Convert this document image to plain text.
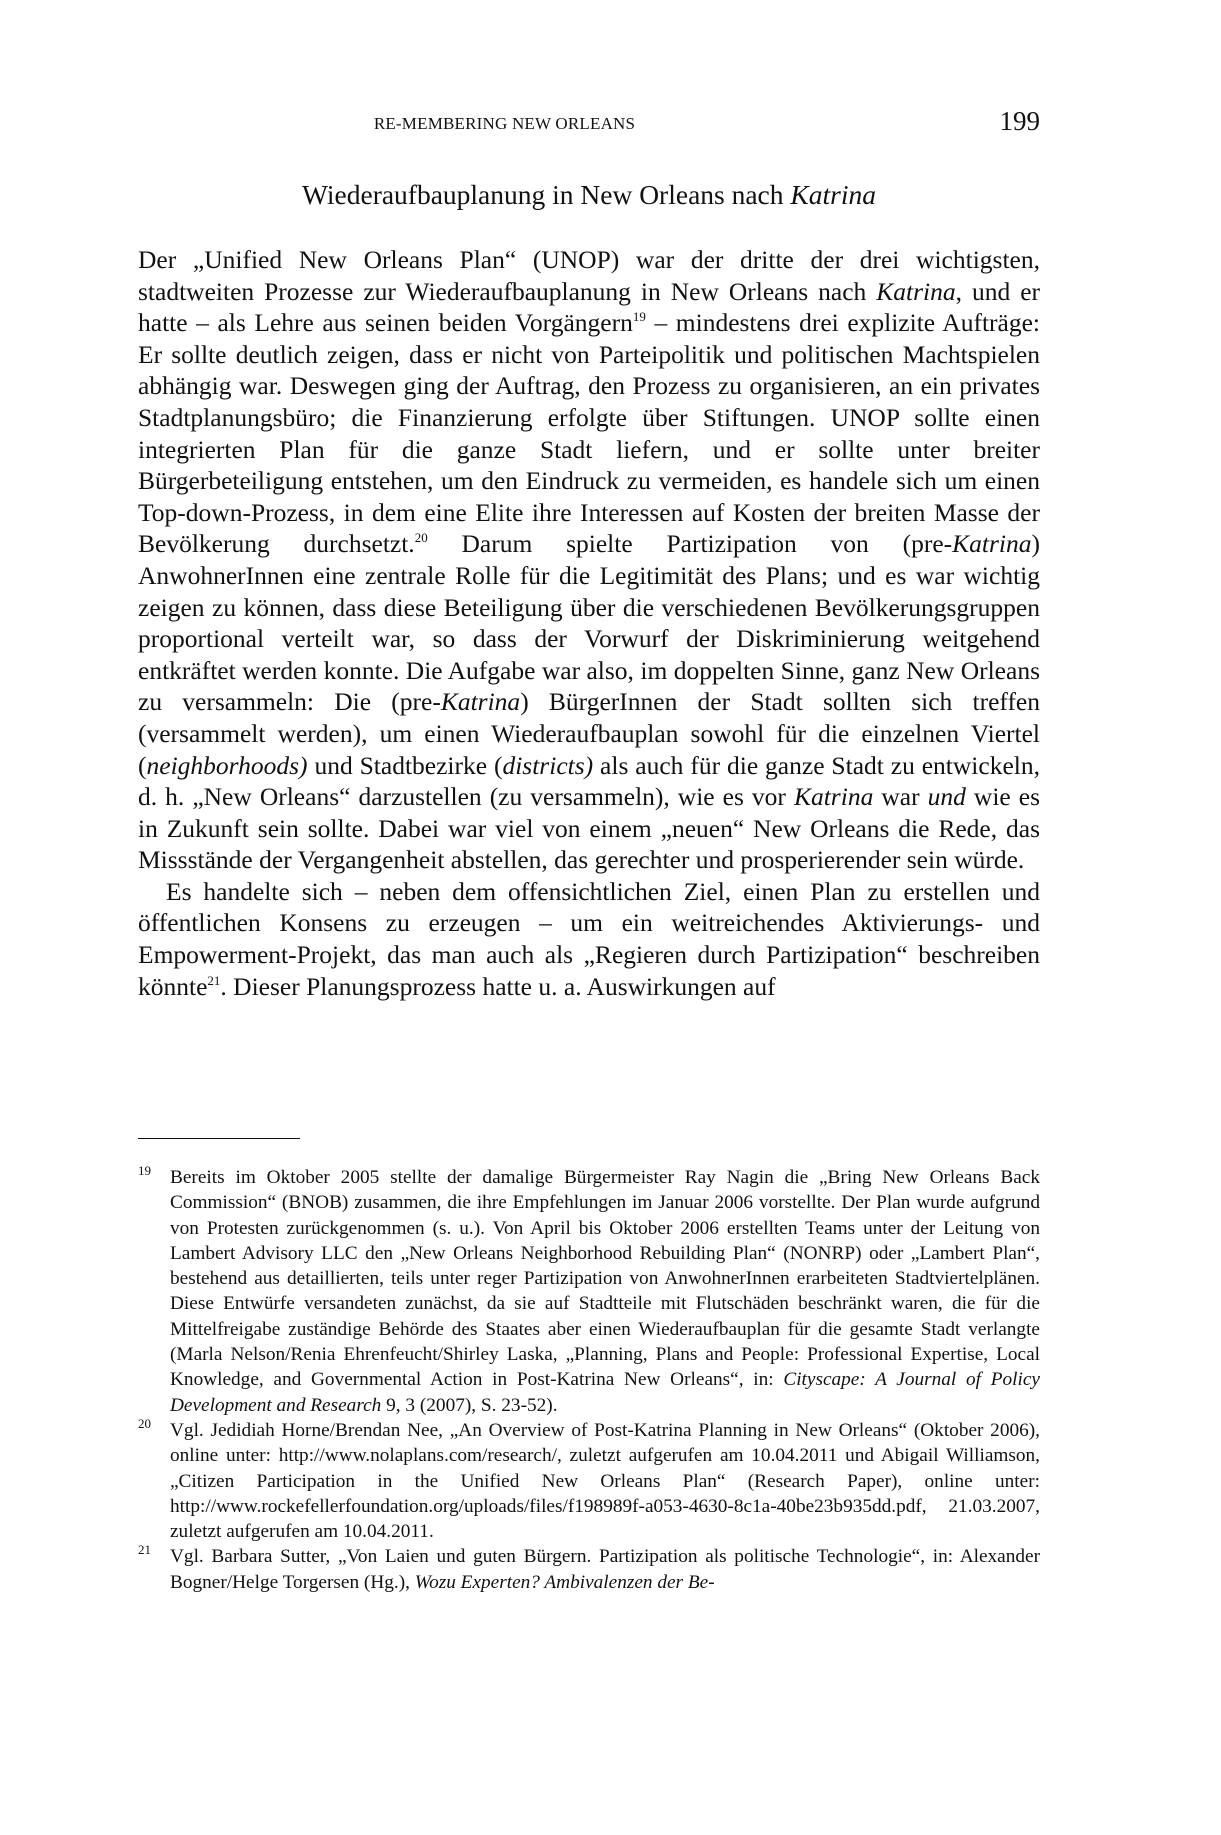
RE-MEMBERING NEW ORLEANS	199
Wiederaufbauplanung in New Orleans nach Katrina

Der „Unified New Orleans Plan“ (UNOP) war der dritte der drei wichtigsten, stadtweiten Prozesse zur Wiederaufbauplanung in New Orleans nach Katrina, und er hatte – als Lehre aus seinen beiden Vorgängern$^{19}$ – mindestens drei explizite Aufträge: Er sollte deutlich zeigen, dass er nicht von Parteipolitik und politischen Machtspielen abhängig war. Deswegen ging der Auftrag, den Prozess zu organisieren, an ein privates Stadtplanungsbüro; die Finanzierung erfolgte über Stiftungen. UNOP sollte einen integrierten Plan für die ganze Stadt liefern, und er sollte unter breiter Bürgerbeteiligung entstehen, um den Eindruck zu vermeiden, es handele sich um einen Top-down-Prozess, in dem eine Elite ihre Interessen auf Kosten der breiten Masse der Bevölkerung durchsetzt.$^{20}$ Darum spielte Partizipation von (pre-Katrina) AnwohnerInnen eine zentrale Rolle für die Legitimität des Plans; und es war wichtig zeigen zu können, dass diese Beteiligung über die verschiedenen Bevölkerungsgruppen proportional verteilt war, so dass der Vorwurf der Diskriminierung weitgehend entkräftet werden konnte. Die Aufgabe war also, im doppelten Sinne, ganz New Orleans zu versammeln: Die (pre-Katrina) BürgerInnen der Stadt sollten sich treffen (versammelt werden), um einen Wiederaufbauplan sowohl für die einzelnen Viertel (neighborhoods) und Stadtbezirke (districts) als auch für die ganze Stadt zu entwickeln, d. h. „New Orleans“ darzustellen (zu versammeln), wie es vor Katrina war und wie es in Zukunft sein sollte. Dabei war viel von einem „neuen“ New Orleans die Rede, das Missstände der Vergangenheit abstellen, das gerechter und prosperierender sein würde.

Es handelte sich – neben dem offensichtlichen Ziel, einen Plan zu erstellen und öffentlichen Konsens zu erzeugen – um ein weitreichendes Aktivierungs- und Empowerment-Projekt, das man auch als „Regieren durch Partizipation“ beschreiben könnte$^{21}$. Dieser Planungsprozess hatte u. a. Auswirkungen auf

19 Bereits im Oktober 2005 stellte der damalige Bürgermeister Ray Nagin die „Bring New Orleans Back Commission“ (BNOB) zusammen, die ihre Empfehlungen im Januar 2006 vorstellte. Der Plan wurde aufgrund von Protesten zurückgenommen (s. u.). Von April bis Oktober 2006 erstellten Teams unter der Leitung von Lambert Advisory LLC den „New Orleans Neighborhood Rebuilding Plan“ (NONRP) oder „Lambert Plan“, bestehend aus detaillierten, teils unter reger Partizipation von AnwohnerInnen erarbeiteten Stadtviertelplänen. Diese Entwürfe versandeten zunächst, da sie auf Stadtteile mit Flutschäden beschränkt waren, die für die Mittelfreigabe zuständige Behörde des Staates aber einen Wiederaufbauplan für die gesamte Stadt verlangte (Marla Nelson/Renia Ehrenfeucht/Shirley Laska, „Planning, Plans and People: Professional Expertise, Local Knowledge, and Governmental Action in Post-Katrina New Orleans“, in: Cityscape: A Journal of Policy Development and Research 9, 3 (2007), S. 23-52).
20 Vgl. Jedidiah Horne/Brendan Nee, „An Overview of Post-Katrina Planning in New Orleans“ (Oktober 2006), online unter: http://www.nolaplans.com/research/, zuletzt aufgerufen am 10.04.2011 und Abigail Williamson, „Citizen Participation in the Unified New Orleans Plan“ (Research Paper), online unter: http://www.rockefellerfoundation.org/uploads/files/f198989f-a053-4630-8c1a-40be23b935dd.pdf, 21.03.2007, zuletzt aufgerufen am 10.04.2011.
21 Vgl. Barbara Sutter, „Von Laien und guten Bürgern. Partizipation als politische Technologie“, in: Alexander Bogner/Helge Torgersen (Hg.), Wozu Experten? Ambivalenzen der Be-
